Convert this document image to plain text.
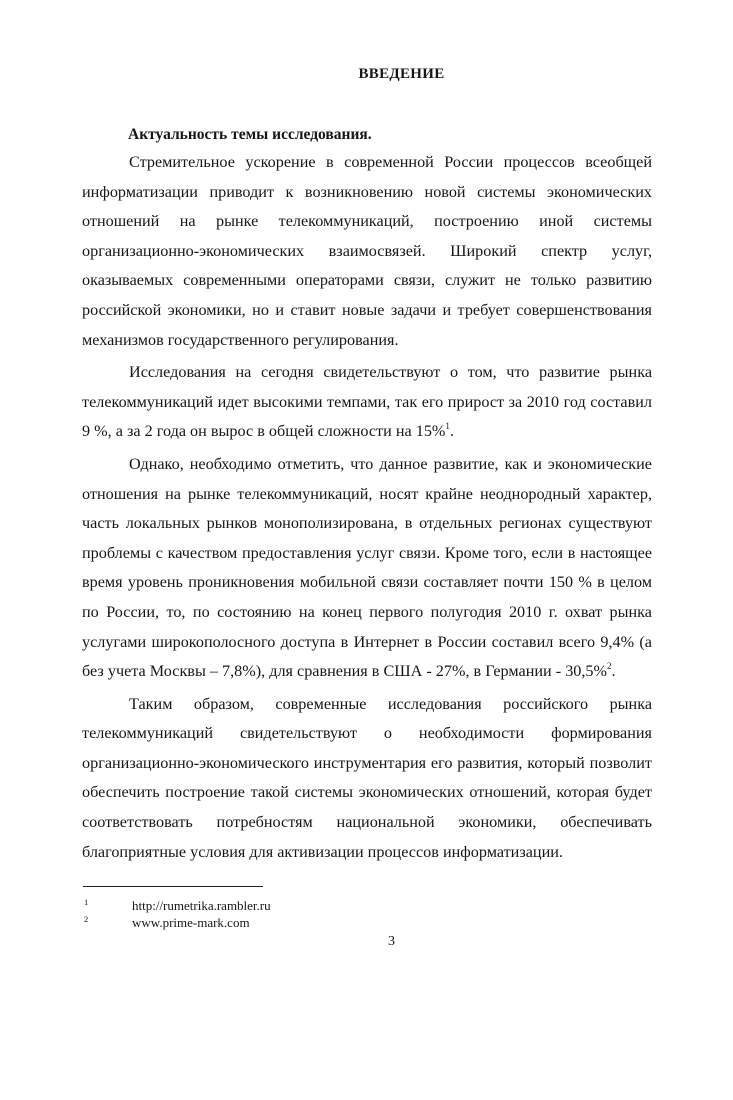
ВВЕДЕНИЕ
Актуальность темы исследования.

Стремительное ускорение в современной России процессов всеобщей информатизации приводит к возникновению новой системы экономических отношений на рынке телекоммуникаций, построению иной системы организационно-экономических взаимосвязей. Широкий спектр услуг, оказываемых современными операторами связи, служит не только развитию российской экономики, но и ставит новые задачи и требует совершенствования механизмов государственного регулирования.

Исследования на сегодня свидетельствуют о том, что развитие рынка телекоммуникаций идет высокими темпами, так его прирост за 2010 год составил 9 %, а за 2 года он вырос в общей сложности на 15%$^1$.

Однако, необходимо отметить, что данное развитие, как и экономические отношения на рынке телекоммуникаций, носят крайне неоднородный характер, часть локальных рынков монополизирована, в отдельных регионах существуют проблемы с качеством предоставления услуг связи. Кроме того, если в настоящее время уровень проникновения мобильной связи составляет почти 150 % в целом по России, то, по состоянию на конец первого полугодия 2010 г. охват рынка услугами широкополосного доступа в Интернет в России составил всего 9,4% (а без учета Москвы – 7,8%), для сравнения в США - 27%, в Германии - 30,5%$^2$.

Таким образом, современные исследования российского рынка телекоммуникаций свидетельствуют о необходимости формирования организационно-экономического инструментария его развития, который позволит обеспечить построение такой системы экономических отношений, которая будет соответствовать потребностям национальной экономики, обеспечивать благоприятные условия для активизации процессов информатизации.

1	http://rumetrika.rambler.ru
2	www.prime-mark.com
3
